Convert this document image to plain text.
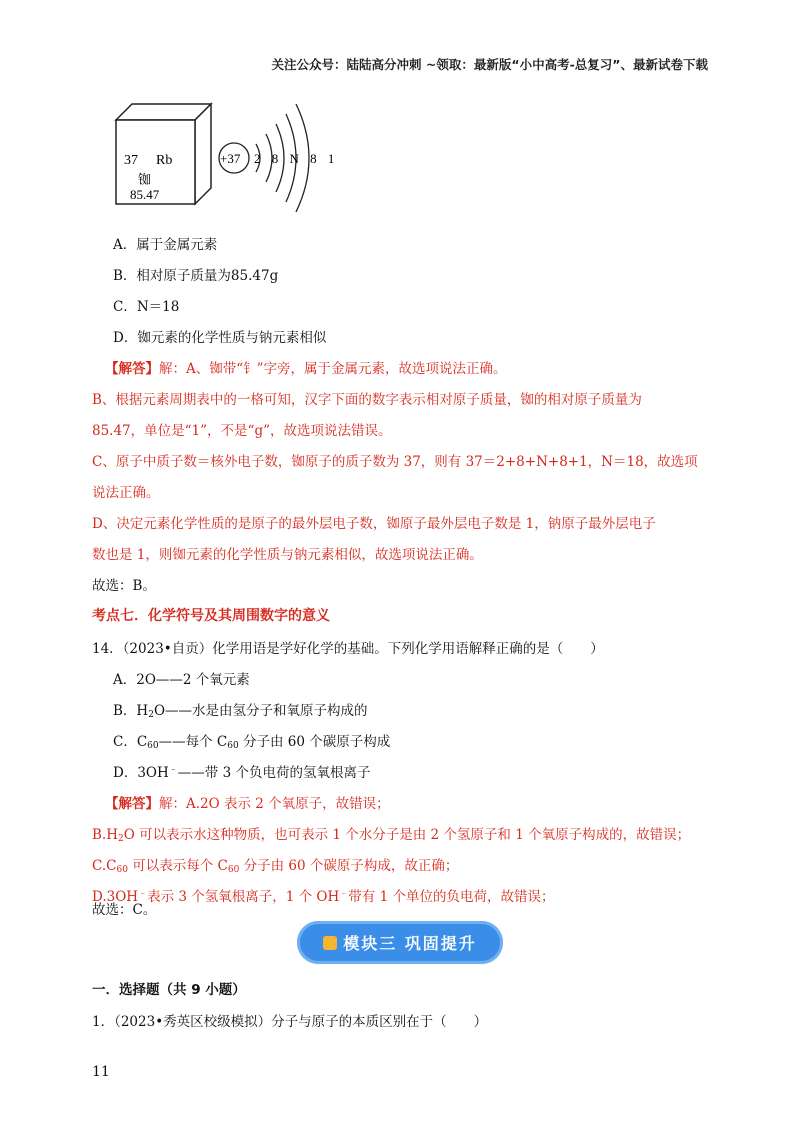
关注公众号：陆陆高分冲刺 ~领取：最新版“小中高考-总复习”、最新试卷下载
37 Rb
铷
85.47
+37 2 8 N 8 1
A．属于金属元素
B．相对原子质量为85.47g
C．N＝18
D．铷元素的化学性质与钠元素相似
【解答】解：A、铷带“钅”字旁，属于金属元素，故选项说法正确。
B、根据元素周期表中的一格可知，汉字下面的数字表示相对原子质量，铷的相对原子质量为
85.47，单位是“1”，不是“g”，故选项说法错误。
C、原子中质子数＝核外电子数，铷原子的质子数为 37，则有 37＝2+8+N+8+1，N＝18，故选项
说法正确。
D、决定元素化学性质的是原子的最外层电子数，铷原子最外层电子数是 1，钠原子最外层电子
数也是 1，则铷元素的化学性质与钠元素相似，故选项说法正确。
故选：B。
考点七．化学符号及其周围数字的意义
14．（2023•自贡）化学用语是学好化学的基础。下列化学用语解释正确的是（　　）
A．2O——2 个氧元素
B．$H_2O——$水是由氢分子和氧原子构成的
C．$C_{60}——$每个 $C_{60}$ 分子由 60 个碳原子构成
D．3OH﹣——带 3 个负电荷的氢氧根离子
【解答】解：A.2O 表示 2 个氧原子，故错误；
$B.H_2O$ 可以表示水这种物质，也可表示 1 个水分子是由 2 个氢原子和 1 个氧原子构成的，故错误；
$C.C_{60}$ 可以表示每个 $C_{60}$ 分子由 60 个碳原子构成，故正确；
D.3OH﹣表示 3 个氢氧根离子，1 个 OH﹣带有 1 个单位的负电荷，故错误；
故选：C。
模块三 巩固提升
一．选择题（共 9 小题）
1．（2023•秀英区校级模拟）分子与原子的本质区别在于（　　）
11
